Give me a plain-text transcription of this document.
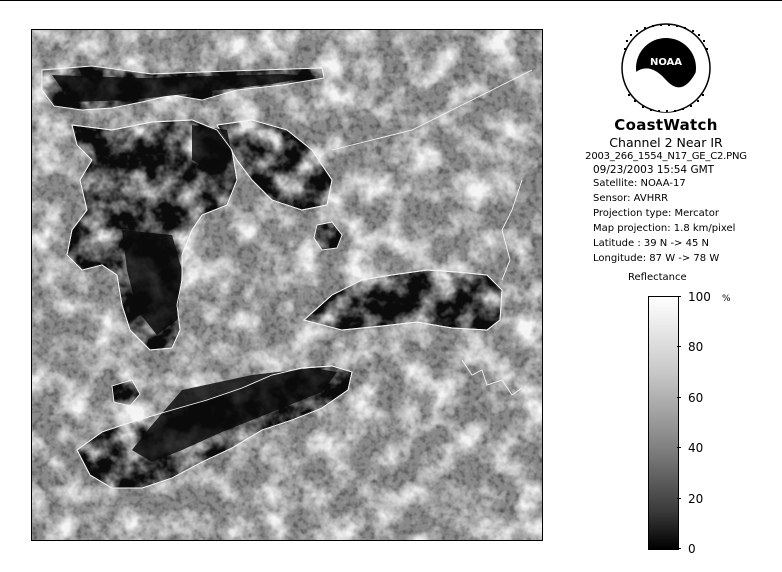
NOAA
CoastWatch
Channel 2 Near IR
2003_266_1554_N17_GE_C2.PNG
09/23/2003 15:54 GMT
Satellite: NOAA-17
Sensor: AVHRR
Projection type: Mercator
Map projection: 1.8 km/pixel
Latitude : 39 N -> 45 N
Longitude: 87 W -> 78 W
Reflectance
%
100
80
60
40
20
0
